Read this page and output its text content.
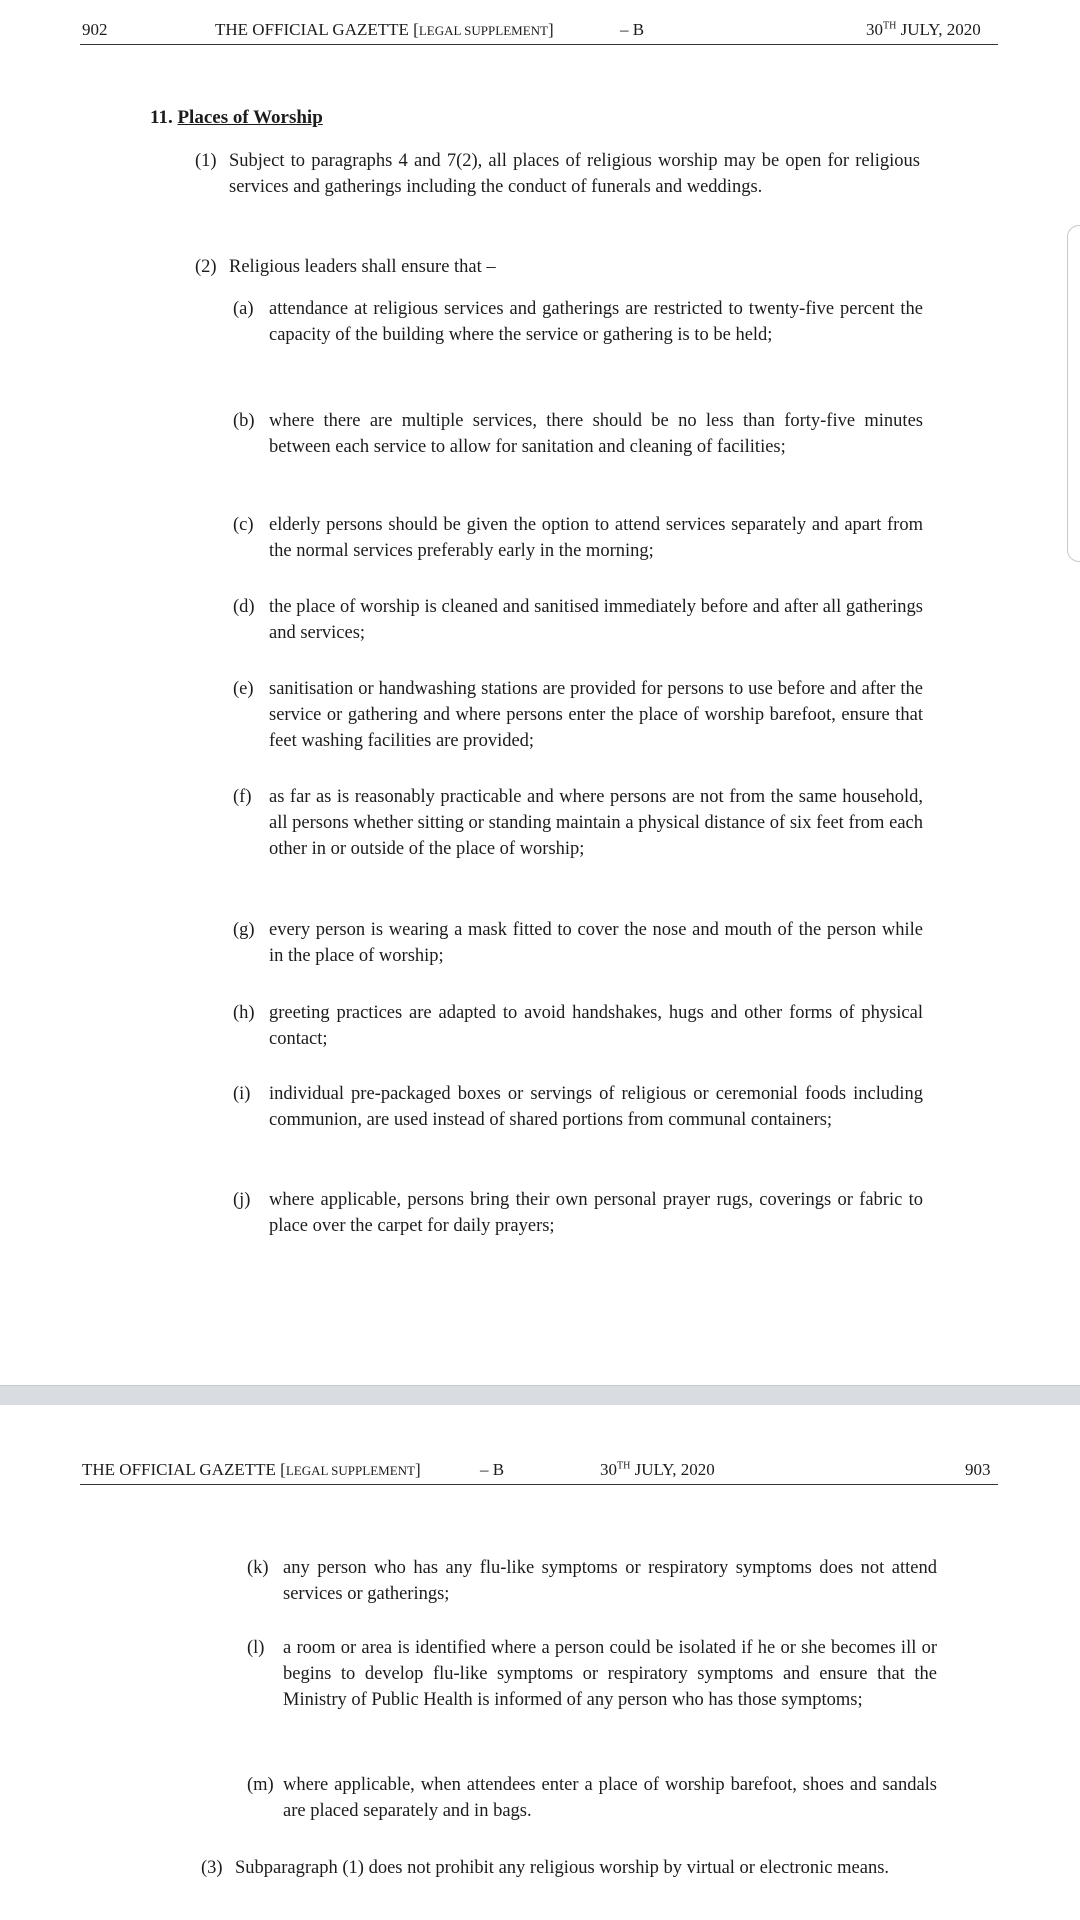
902	THE OFFICIAL GAZETTE [LEGAL SUPPLEMENT]	– B	30TH JULY, 2020
11. Places of Worship
(1) Subject to paragraphs 4 and 7(2), all places of religious worship may be open for religious services and gatherings including the conduct of funerals and weddings.
(2) Religious leaders shall ensure that –
(a) attendance at religious services and gatherings are restricted to twenty-five percent the capacity of the building where the service or gathering is to be held;
(b) where there are multiple services, there should be no less than forty-five minutes between each service to allow for sanitation and cleaning of facilities;
(c) elderly persons should be given the option to attend services separately and apart from the normal services preferably early in the morning;
(d) the place of worship is cleaned and sanitised immediately before and after all gatherings and services;
(e) sanitisation or handwashing stations are provided for persons to use before and after the service or gathering and where persons enter the place of worship barefoot, ensure that feet washing facilities are provided;
(f) as far as is reasonably practicable and where persons are not from the same household, all persons whether sitting or standing maintain a physical distance of six feet from each other in or outside of the place of worship;
(g) every person is wearing a mask fitted to cover the nose and mouth of the person while in the place of worship;
(h) greeting practices are adapted to avoid handshakes, hugs and other forms of physical contact;
(i) individual pre-packaged boxes or servings of religious or ceremonial foods including communion, are used instead of shared portions from communal containers;
(j) where applicable, persons bring their own personal prayer rugs, coverings or fabric to place over the carpet for daily prayers;
THE OFFICIAL GAZETTE [LEGAL SUPPLEMENT]	– B	30TH JULY, 2020	903
(k) any person who has any flu-like symptoms or respiratory symptoms does not attend services or gatherings;
(l) a room or area is identified where a person could be isolated if he or she becomes ill or begins to develop flu-like symptoms or respiratory symptoms and ensure that the Ministry of Public Health is informed of any person who has those symptoms;
(m) where applicable, when attendees enter a place of worship barefoot, shoes and sandals are placed separately and in bags.
(3) Subparagraph (1) does not prohibit any religious worship by virtual or electronic means.
